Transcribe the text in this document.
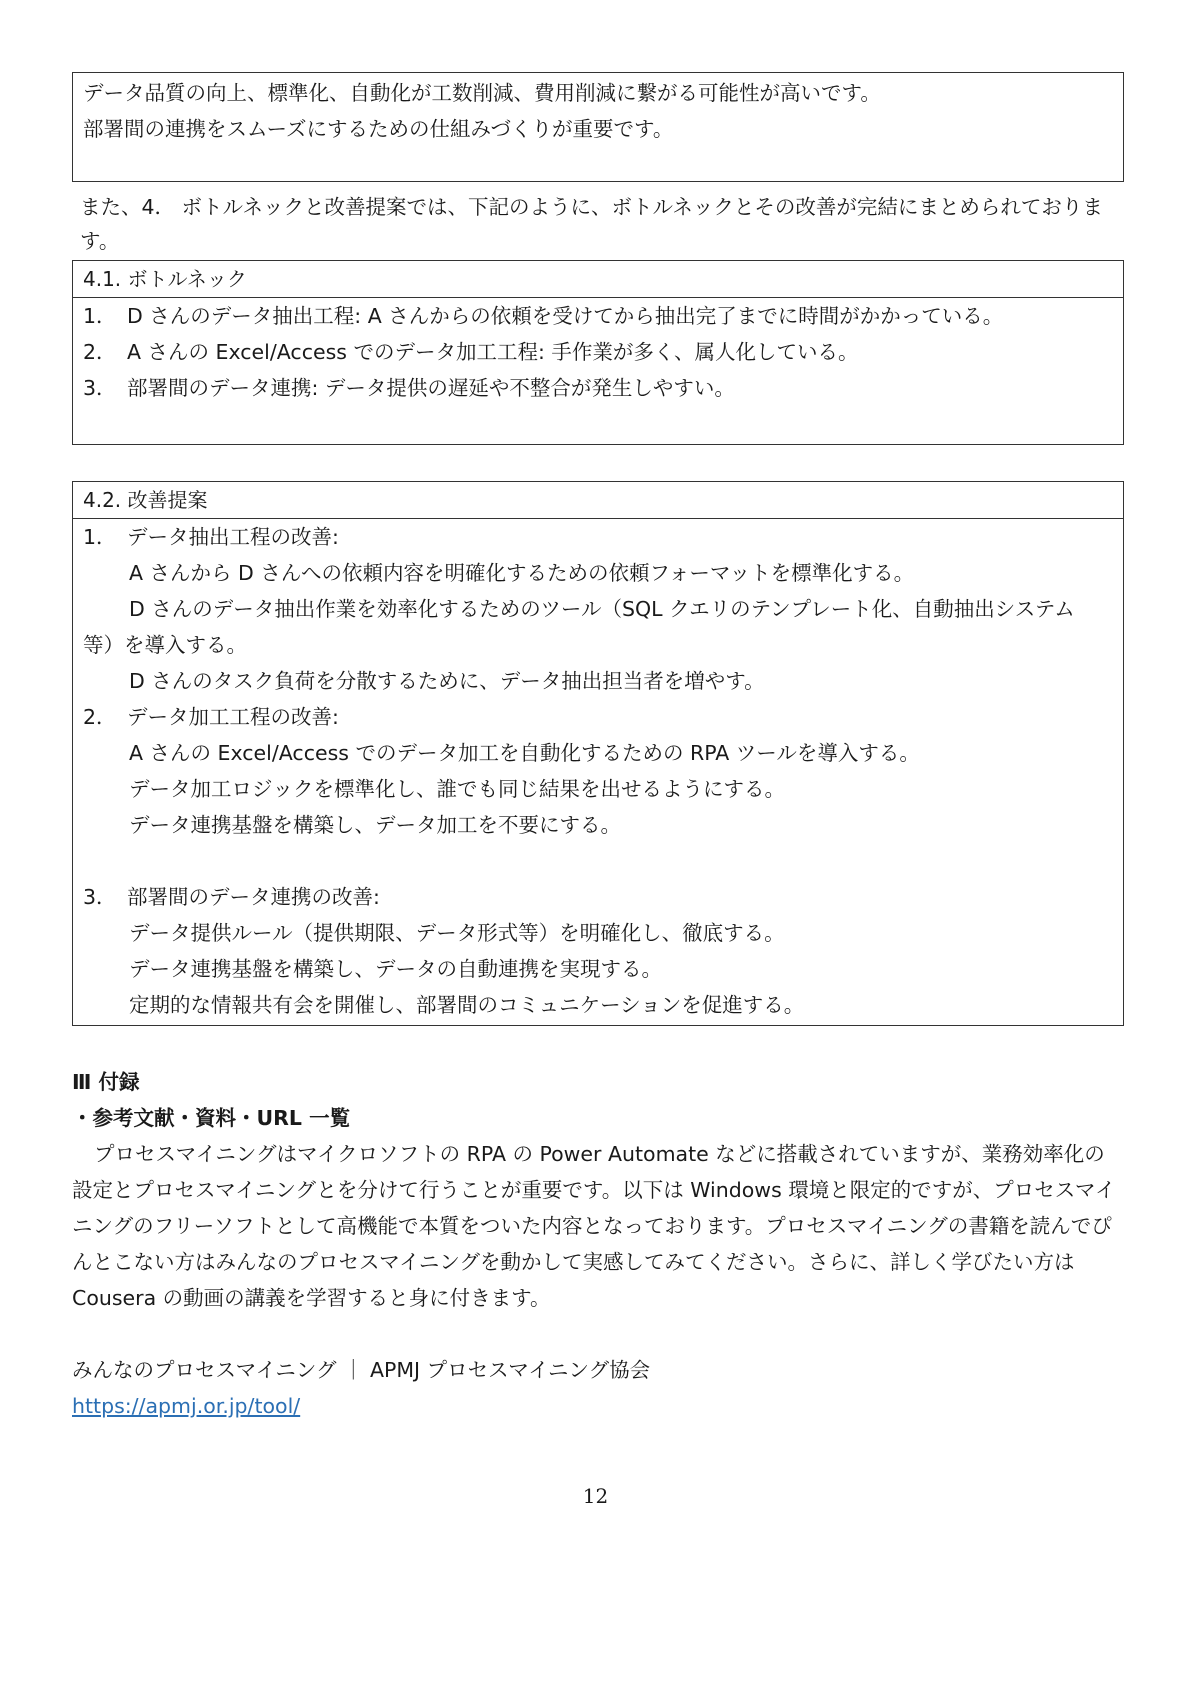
データ品質の向上、標準化、自動化が工数削減、費用削減に繋がる可能性が高いです。
部署間の連携をスムーズにするための仕組みづくりが重要です。
また、4． ボトルネックと改善提案では、下記のように、ボトルネックとその改善が完結にまとめられております。
4.1. ボトルネック
1． D さんのデータ抽出工程: A さんからの依頼を受けてから抽出完了までに時間がかかっている。
2． A さんの Excel/Access でのデータ加工工程: 手作業が多く、属人化している。
3． 部署間のデータ連携: データ提供の遅延や不整合が発生しやすい。
4.2. 改善提案
1． データ抽出工程の改善:
A さんから D さんへの依頼内容を明確化するための依頼フォーマットを標準化する。
D さんのデータ抽出作業を効率化するためのツール（SQL クエリのテンプレート化、自動抽出システム
等）を導入する。
D さんのタスク負荷を分散するために、データ抽出担当者を増やす。
2． データ加工工程の改善:
A さんの Excel/Access でのデータ加工を自動化するための RPA ツールを導入する。
データ加工ロジックを標準化し、誰でも同じ結果を出せるようにする。
データ連携基盤を構築し、データ加工を不要にする。
3． 部署間のデータ連携の改善:
データ提供ルール（提供期限、データ形式等）を明確化し、徹底する。
データ連携基盤を構築し、データの自動連携を実現する。
定期的な情報共有会を開催し、部署間のコミュニケーションを促進する。
Ⅲ 付録
・参考文献・資料・URL 一覧
プロセスマイニングはマイクロソフトの RPA の Power Automate などに搭載されていますが、業務効率化の設定とプロセスマイニングとを分けて行うことが重要です。以下は Windows 環境と限定的ですが、プロセスマイニングのフリーソフトとして高機能で本質をついた内容となっております。プロセスマイニングの書籍を読んでぴんとこない方はみんなのプロセスマイニングを動かして実感してみてください。さらに、詳しく学びたい方は Cousera の動画の講義を学習すると身に付きます。
みんなのプロセスマイニング ｜ APMJ プロセスマイニング協会
https://apmj.or.jp/tool/
12
